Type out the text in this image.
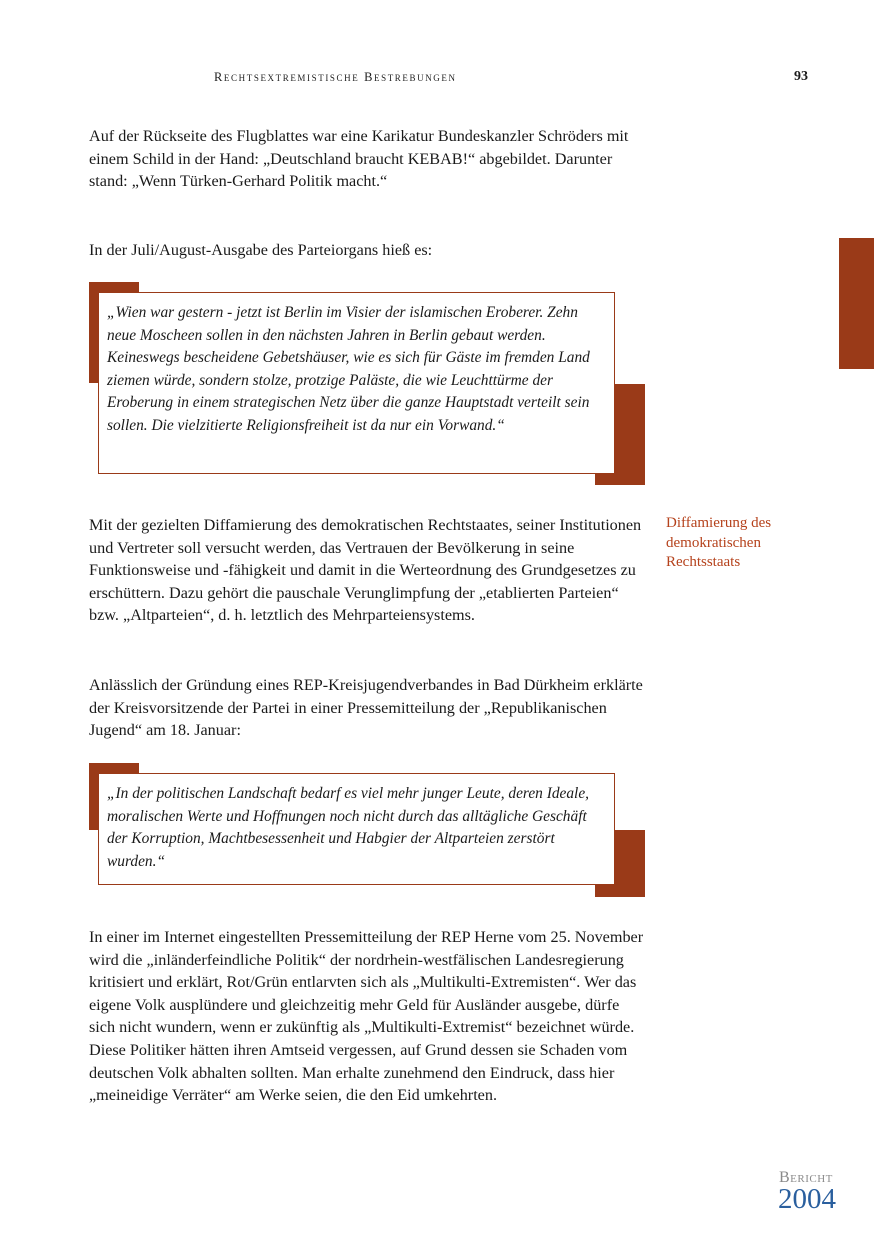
Rechtsextremistische Bestrebungen	93

Auf der Rückseite des Flugblattes war eine Karikatur Bundeskanzler Schröders mit einem Schild in der Hand: „Deutschland braucht KEBAB!“ abgebildet. Darunter stand: „Wenn Türken-Gerhard Politik macht.“

In der Juli/August-Ausgabe des Parteiorgans hieß es:

„Wien war gestern - jetzt ist Berlin im Visier der islamischen Eroberer. Zehn neue Moscheen sollen in den nächsten Jahren in Berlin gebaut werden. Keineswegs bescheidene Gebetshäuser, wie es sich für Gäste im fremden Land ziemen würde, sondern stolze, protzige Paläste, die wie Leuchttürme der Eroberung in einem strategischen Netz über die ganze Hauptstadt verteilt sein sollen. Die vielzitierte Religionsfreiheit ist da nur ein Vorwand.“

Mit der gezielten Diffamierung des demokratischen Rechtstaates, seiner Institutionen und Vertreter soll versucht werden, das Vertrauen der Bevölkerung in seine Funktionsweise und -fähigkeit und damit in die Werteordnung des Grundgesetzes zu erschüttern. Dazu gehört die pauschale Verunglimpfung der „etablierten Parteien“ bzw. „Altparteien“, d. h. letztlich des Mehrparteiensystems.

Diffamierung des demokratischen Rechtsstaats

Anlässlich der Gründung eines REP-Kreisjugendverbandes in Bad Dürkheim erklärte der Kreisvorsitzende der Partei in einer Pressemitteilung der „Republikanischen Jugend“ am 18. Januar:

„In der politischen Landschaft bedarf es viel mehr junger Leute, deren Ideale, moralischen Werte und Hoffnungen noch nicht durch das alltägliche Geschäft der Korruption, Machtbesessenheit und Habgier der Altparteien zerstört wurden.“

In einer im Internet eingestellten Pressemitteilung der REP Herne vom 25. November wird die „inländerfeindliche Politik“ der nordrhein-westfälischen Landesregierung kritisiert und erklärt, Rot/Grün entlarvten sich als „Multikulti-Extremisten“. Wer das eigene Volk ausplündere und gleichzeitig mehr Geld für Ausländer ausgebe, dürfe sich nicht wundern, wenn er zukünftig als „Multikulti-Extremist“ bezeichnet würde. Diese Politiker hätten ihren Amtseid vergessen, auf Grund dessen sie Schaden vom deutschen Volk abhalten sollten. Man erhalte zunehmend den Eindruck, dass hier „meineidige Verräter“ am Werke seien, die den Eid umkehrten.

Bericht
2004
